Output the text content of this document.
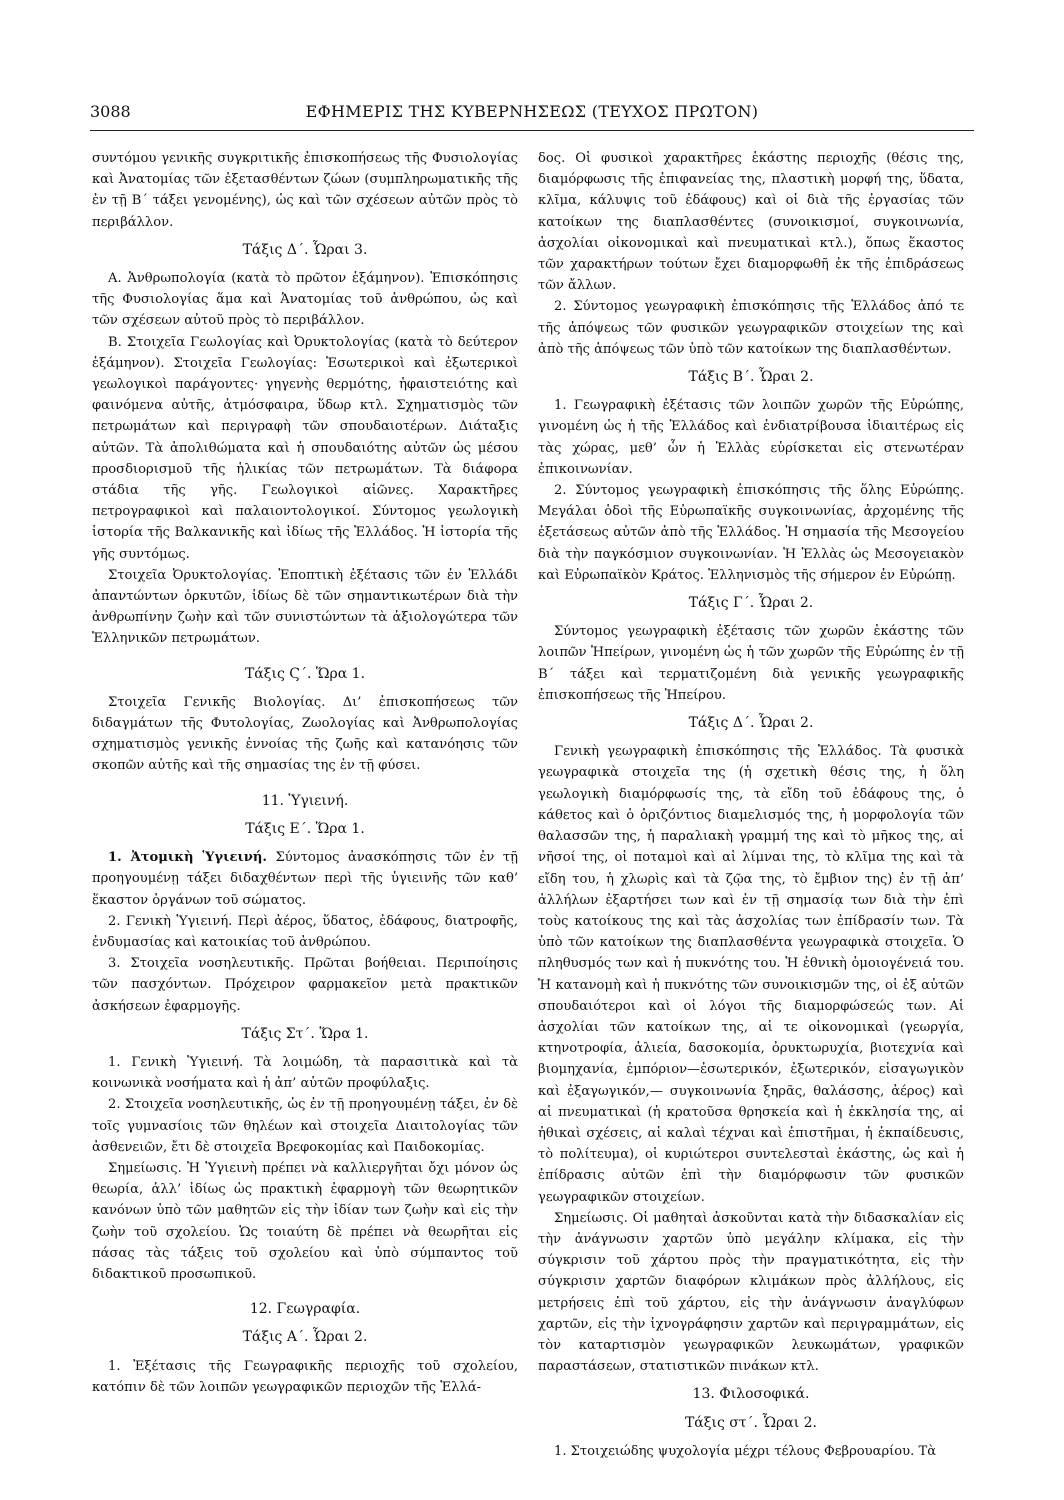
3088	ΕΦΗΜΕΡΙΣ ΤΗΣ ΚΥΒΕΡΝΗΣΕΩΣ (ΤΕΥΧΟΣ ΠΡΩΤΟΝ)

συντόμου γενικῆς συγκριτικῆς ἐπισκοπήσεως τῆς Φυσιολογίας καὶ Ἀνατομίας τῶν ἐξετασθέντων ζώων (συμπληρωματικῆς τῆς ἐν τῇ Β΄ τάξει γενομένης), ὡς καὶ τῶν σχέσεων αὐτῶν πρὸς τὸ περιβάλλον.

Τάξις Δ΄. Ὧραι 3.

Α. Ἀνθρωπολογία (κατὰ τὸ πρῶτον ἑξάμηνον). Ἐπισκόπησις τῆς Φυσιολογίας ἅμα καὶ Ἀνατομίας τοῦ ἀνθρώπου, ὡς καὶ τῶν σχέσεων αὐτοῦ πρὸς τὸ περιβάλλον.

Β. Στοιχεῖα Γεωλογίας καὶ Ὀρυκτολογίας (κατὰ τὸ δεύτερον ἑξάμηνον). Στοιχεῖα Γεωλογίας: Ἐσωτερικοὶ καὶ ἐξωτερικοὶ γεωλογικοὶ παράγοντες· γηγενὴς θερμότης, ἡφαιστειότης καὶ φαινόμενα αὐτῆς, ἀτμόσφαιρα, ὕδωρ κτλ. Σχηματισμὸς τῶν πετρωμάτων καὶ περιγραφὴ τῶν σπουδαιοτέρων. Διάταξις αὐτῶν. Τὰ ἀπολιθώματα καὶ ἡ σπουδαιότης αὐτῶν ὡς μέσου προσδιορισμοῦ τῆς ἡλικίας τῶν πετρωμάτων. Τὰ διάφορα στάδια τῆς γῆς. Γεωλογικοὶ αἰῶνες. Χαρακτῆρες πετρογραφικοὶ καὶ παλαιοντολογικοί. Σύντομος γεωλογικὴ ἱστορία τῆς Βαλκανικῆς καὶ ἰδίως τῆς Ἑλλάδος. Ἡ ἱστορία τῆς γῆς συντόμως.

Στοιχεῖα Ὀρυκτολογίας. Ἐποπτικὴ ἐξέτασις τῶν ἐν Ἑλλάδι ἀπαντώντων ὀρκυτῶν, ἰδίως δὲ τῶν σημαντικωτέρων διὰ τὴν ἀνθρωπίνην ζωὴν καὶ τῶν συνιστώντων τὰ ἀξιολογώτερα τῶν Ἑλληνικῶν πετρωμάτων.

Τάξις Ϛ΄. Ὥρα 1.

Στοιχεῖα Γενικῆς Βιολογίας. Δι’ ἐπισκοπήσεως τῶν διδαγμάτων τῆς Φυτολογίας, Ζωολογίας καὶ Ἀνθρωπολογίας σχηματισμὸς γενικῆς ἐννοίας τῆς ζωῆς καὶ κατανόησις τῶν σκοπῶν αὐτῆς καὶ τῆς σημασίας της ἐν τῇ φύσει.

11. Ὑγιεινή.
Τάξις Ε΄. Ὥρα 1.

1. Ἀτομικὴ Ὑγιεινή. Σύντομος ἀνασκόπησις τῶν ἐν τῇ προηγουμένῃ τάξει διδαχθέντων περὶ τῆς ὑγιεινῆς τῶν καθ’ ἕκαστον ὀργάνων τοῦ σώματος.

2. Γενικὴ Ὑγιεινή. Περὶ ἀέρος, ὕδατος, ἐδάφους, διατροφῆς, ἐνδυμασίας καὶ κατοικίας τοῦ ἀνθρώπου.

3. Στοιχεῖα νοσηλευτικῆς. Πρῶται βοήθειαι. Περιποίησις τῶν πασχόντων. Πρόχειρον φαρμακεῖον μετὰ πρακτικῶν ἀσκήσεων ἐφαρμογῆς.

Τάξις Στ΄. Ὥρα 1.

1. Γενικὴ Ὑγιεινή. Τὰ λοιμώδη, τὰ παρασιτικὰ καὶ τὰ κοινωνικὰ νοσήματα καὶ ἡ ἀπ’ αὐτῶν προφύλαξις.

2. Στοιχεῖα νοσηλευτικῆς, ὡς ἐν τῇ προηγουμένῃ τάξει, ἐν δὲ τοῖς γυμνασίοις τῶν θηλέων καὶ στοιχεῖα Διαιτολογίας τῶν ἀσθενειῶν, ἔτι δὲ στοιχεῖα Βρεφοκομίας καὶ Παιδοκομίας.

Σημείωσις. Ἡ Ὑγιεινὴ πρέπει νὰ καλλιεργῆται ὄχι μόνον ὡς θεωρία, ἀλλ’ ἰδίως ὡς πρακτικὴ ἐφαρμογὴ τῶν θεωρητικῶν κανόνων ὑπὸ τῶν μαθητῶν εἰς τὴν ἰδίαν των ζωὴν καὶ εἰς τὴν ζωὴν τοῦ σχολείου. Ὡς τοιαύτη δὲ πρέπει νὰ θεωρῆται εἰς πάσας τὰς τάξεις τοῦ σχολείου καὶ ὑπὸ σύμπαντος τοῦ διδακτικοῦ προσωπικοῦ.

12. Γεωγραφία.
Τάξις Α΄. Ὧραι 2.

1. Ἐξέτασις τῆς Γεωγραφικῆς περιοχῆς τοῦ σχολείου, κατόπιν δὲ τῶν λοιπῶν γεωγραφικῶν περιοχῶν τῆς Ἑλλά-

δος. Οἱ φυσικοὶ χαρακτῆρες ἑκάστης περιοχῆς (θέσις της, διαμόρφωσις τῆς ἐπιφανείας της, πλαστικὴ μορφή της, ὕδατα, κλῖμα, κάλυψις τοῦ ἐδάφους) καὶ οἱ διὰ τῆς ἐργασίας τῶν κατοίκων της διαπλασθέντες (συνοικισμοί, συγκοινωνία, ἀσχολίαι οἰκονομικαὶ καὶ πνευματικαὶ κτλ.), ὅπως ἕκαστος τῶν χαρακτήρων τούτων ἔχει διαμορφωθῆ ἐκ τῆς ἐπιδράσεως τῶν ἄλλων.

2. Σύντομος γεωγραφικὴ ἐπισκόπησις τῆς Ἑλλάδος ἀπό τε τῆς ἀπόψεως τῶν φυσικῶν γεωγραφικῶν στοιχείων της καὶ ἀπὸ τῆς ἀπόψεως τῶν ὑπὸ τῶν κατοίκων της διαπλασθέντων.

Τάξις Β΄. Ὧραι 2.

1. Γεωγραφικὴ ἐξέτασις τῶν λοιπῶν χωρῶν τῆς Εὐρώπης, γινομένη ὡς ἡ τῆς Ἑλλάδος καὶ ἐνδιατρίβουσα ἰδιαιτέρως εἰς τὰς χώρας, μεθ’ ὧν ἡ Ἑλλὰς εὑρίσκεται εἰς στενωτέραν ἐπικοινωνίαν.

2. Σύντομος γεωγραφικὴ ἐπισκόπησις τῆς ὅλης Εὐρώπης. Μεγάλαι ὁδοὶ τῆς Εὐρωπαϊκῆς συγκοινωνίας, ἀρχομένης τῆς ἐξετάσεως αὐτῶν ἀπὸ τῆς Ἑλλάδος. Ἡ σημασία τῆς Μεσογείου διὰ τὴν παγκόσμιον συγκοινωνίαν. Ἡ Ἑλλὰς ὡς Μεσογειακὸν καὶ Εὐρωπαϊκὸν Κράτος. Ἐλληνισμὸς τῆς σήμερον ἐν Εὐρώπῃ.

Τάξις Γ΄. Ὧραι 2.

Σύντομος γεωγραφικὴ ἐξέτασις τῶν χωρῶν ἑκάστης τῶν λοιπῶν Ἠπείρων, γινομένη ὡς ἡ τῶν χωρῶν τῆς Εὐρώπης ἐν τῇ Β΄ τάξει καὶ τερματιζομένη διὰ γενικῆς γεωγραφικῆς ἐπισκοπήσεως τῆς Ἠπείρου.

Τάξις Δ΄. Ὧραι 2.

Γενικὴ γεωγραφικὴ ἐπισκόπησις τῆς Ἑλλάδος. Τὰ φυσικὰ γεωγραφικὰ στοιχεῖα της (ἡ σχετικὴ θέσις της, ἡ ὅλη γεωλογικὴ διαμόρφωσίς της, τὰ εἴδη τοῦ ἐδάφους της, ὁ κάθετος καὶ ὁ ὁριζόντιος διαμελισμός της, ἡ μορφολογία τῶν θαλασσῶν της, ἡ παραλιακὴ γραμμή της καὶ τὸ μῆκος της, αἱ νῆσοί της, οἱ ποταμοὶ καὶ αἱ λίμναι της, τὸ κλῖμα της καὶ τὰ εἴδη του, ἡ χλωρὶς καὶ τὰ ζῷα της, τὸ ἔμβιον της) ἐν τῇ ἀπ’ ἀλλήλων ἐξαρτήσει των καὶ ἐν τῇ σημασίᾳ των διὰ τὴν ἐπὶ τοὺς κατοίκους της καὶ τὰς ἀσχολίας των ἐπίδρασίν των. Τὰ ὑπὸ τῶν κατοίκων της διαπλασθέντα γεωγραφικὰ στοιχεῖα. Ὁ πληθυσμός των καὶ ἡ πυκνότης του. Ἡ ἐθνικὴ ὁμοιογένειά του. Ἡ κατανομὴ καὶ ἡ πυκνότης τῶν συνοικισμῶν της, οἱ ἐξ αὐτῶν σπουδαιότεροι καὶ οἱ λόγοι τῆς διαμορφώσεώς των. Αἱ ἀσχολίαι τῶν κατοίκων της, αἱ τε οἰκονομικαὶ (γεωργία, κτηνοτροφία, ἁλιεία, δασοκομία, ὀρυκτωρυχία, βιοτεχνία καὶ βιομηχανία, ἐμπόριον—ἐσωτερικόν, ἐξωτερικόν, εἰσαγωγικὸν καὶ ἐξαγωγικόν,— συγκοινωνία ξηρᾶς, θαλάσσης, ἀέρος) καὶ αἱ πνευματικαὶ (ἡ κρατοῦσα θρησκεία καὶ ἡ ἐκκλησία της, αἱ ἠθικαὶ σχέσεις, αἱ καλαὶ τέχναι καὶ ἐπιστῆμαι, ἡ ἐκπαίδευσις, τὸ πολίτευμα), οἱ κυριώτεροι συντελεσταὶ ἑκάστης, ὡς καὶ ἡ ἐπίδρασις αὐτῶν ἐπὶ τὴν διαμόρφωσιν τῶν φυσικῶν γεωγραφικῶν στοιχείων.

Σημείωσις. Οἱ μαθηταὶ ἀσκοῦνται κατὰ τὴν διδασκαλίαν εἰς τὴν ἀνάγνωσιν χαρτῶν ὑπὸ μεγάλην κλίμακα, εἰς τὴν σύγκρισιν τοῦ χάρτου πρὸς τὴν πραγματικότητα, εἰς τὴν σύγκρισιν χαρτῶν διαφόρων κλιμάκων πρὸς ἀλλήλους, εἰς μετρήσεις ἐπὶ τοῦ χάρτου, εἰς τὴν ἀνάγνωσιν ἀναγλύφων χαρτῶν, εἰς τὴν ἰχνογράφησιν χαρτῶν καὶ περιγραμμάτων, εἰς τὸν καταρτισμὸν γεωγραφικῶν λευκωμάτων, γραφικῶν παραστάσεων, στατιστικῶν πινάκων κτλ.

13. Φιλοσοφικά.
Τάξις στ΄. Ὧραι 2.

1. Στοιχειώδης ψυχολογία μέχρι τέλους Φεβρουαρίου. Τὰ
